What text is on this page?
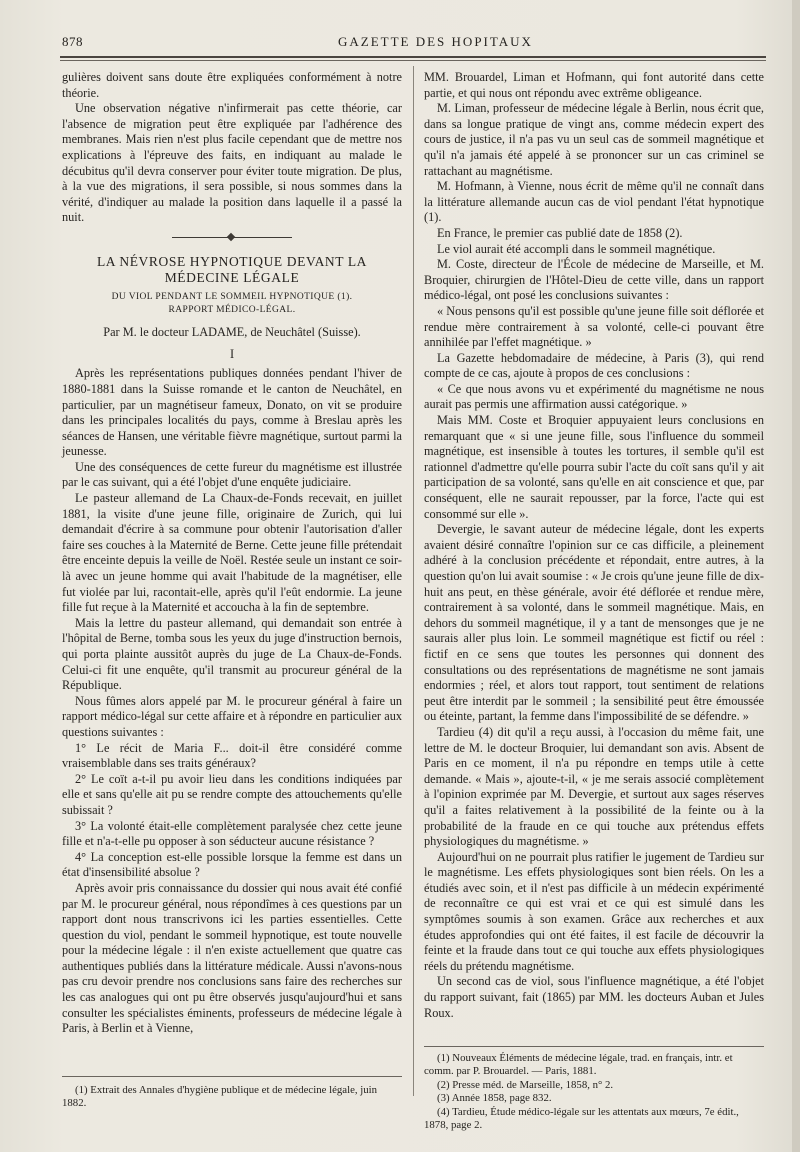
878	GAZETTE DES HOPITAUX

gulières doivent sans doute être expliquées conformément à notre théorie.

Une observation négative n'infirmerait pas cette théorie, car l'absence de migration peut être expliquée par l'adhérence des membranes. Mais rien n'est plus facile cependant que de mettre nos explications à l'épreuve des faits, en indiquant au malade le décubitus qu'il devra conserver pour éviter toute migration. De plus, à la vue des migrations, il sera possible, si nous sommes dans la vérité, d'indiquer au malade la position dans laquelle il a passé la nuit.

LA NÉVROSE HYPNOTIQUE DEVANT LA MÉDECINE LÉGALE
DU VIOL PENDANT LE SOMMEIL HYPNOTIQUE (1).
RAPPORT MÉDICO-LÉGAL.
Par M. le docteur LADAME, de Neuchâtel (Suisse).
I

Après les représentations publiques données pendant l'hiver de 1880-1881 dans la Suisse romande et le canton de Neuchâtel, en particulier, par un magnétiseur fameux, Donato, on vit se produire dans les principales localités du pays, comme à Breslau après les séances de Hansen, une véritable fièvre magnétique, surtout parmi la jeunesse.

Une des conséquences de cette fureur du magnétisme est illustrée par le cas suivant, qui a été l'objet d'une enquête judiciaire.

Le pasteur allemand de La Chaux-de-Fonds recevait, en juillet 1881, la visite d'une jeune fille, originaire de Zurich, qui lui demandait d'écrire à sa commune pour obtenir l'autorisation d'aller faire ses couches à la Maternité de Berne. Cette jeune fille prétendait être enceinte depuis la veille de Noël. Restée seule un instant ce soir-là avec un jeune homme qui avait l'habitude de la magnétiser, elle fut violée par lui, racontait-elle, après qu'il l'eût endormie. La jeune fille fut reçue à la Maternité et accoucha à la fin de septembre.

Mais la lettre du pasteur allemand, qui demandait son entrée à l'hôpital de Berne, tomba sous les yeux du juge d'instruction bernois, qui porta plainte aussitôt auprès du juge de La Chaux-de-Fonds. Celui-ci fit une enquête, qu'il transmit au procureur général de la République.

Nous fûmes alors appelé par M. le procureur général à faire un rapport médico-légal sur cette affaire et à répondre en particulier aux questions suivantes :

1° Le récit de Maria F... doit-il être considéré comme vraisemblable dans ses traits généraux?

2° Le coït a-t-il pu avoir lieu dans les conditions indiquées par elle et sans qu'elle ait pu se rendre compte des attouchements qu'elle subissait ?

3° La volonté était-elle complètement paralysée chez cette jeune fille et n'a-t-elle pu opposer à son séducteur aucune résistance ?

4° La conception est-elle possible lorsque la femme est dans un état d'insensibilité absolue ?

Après avoir pris connaissance du dossier qui nous avait été confié par M. le procureur général, nous répondîmes à ces questions par un rapport dont nous transcrivons ici les parties essentielles. Cette question du viol, pendant le sommeil hypnotique, est toute nouvelle pour la médecine légale : il n'en existe actuellement que quatre cas authentiques publiés dans la littérature médicale. Aussi n'avons-nous pas cru devoir prendre nos conclusions sans faire des recherches sur les cas analogues qui ont pu être observés jusqu'aujourd'hui et sans consulter les spécialistes éminents, professeurs de médecine légale à Paris, à Berlin et à Vienne,

(1) Extrait des Annales d'hygiène publique et de médecine légale, juin 1882.

MM. Brouardel, Liman et Hofmann, qui font autorité dans cette partie, et qui nous ont répondu avec extrême obligeance.

M. Liman, professeur de médecine légale à Berlin, nous écrit que, dans sa longue pratique de vingt ans, comme médecin expert des cours de justice, il n'a pas vu un seul cas de sommeil magnétique et qu'il n'a jamais été appelé à se prononcer sur un cas criminel se rattachant au magnétisme.

M. Hofmann, à Vienne, nous écrit de même qu'il ne connaît dans la littérature allemande aucun cas de viol pendant l'état hypnotique (1).

En France, le premier cas publié date de 1858 (2).

Le viol aurait été accompli dans le sommeil magnétique.

M. Coste, directeur de l'École de médecine de Marseille, et M. Broquier, chirurgien de l'Hôtel-Dieu de cette ville, dans un rapport médico-légal, ont posé les conclusions suivantes :

« Nous pensons qu'il est possible qu'une jeune fille soit déflorée et rendue mère contrairement à sa volonté, celle-ci pouvant être annihilée par l'effet magnétique. »

La Gazette hebdomadaire de médecine, à Paris (3), qui rend compte de ce cas, ajoute à propos de ces conclusions :

« Ce que nous avons vu et expérimenté du magnétisme ne nous aurait pas permis une affirmation aussi catégorique. »

Mais MM. Coste et Broquier appuyaient leurs conclusions en remarquant que « si une jeune fille, sous l'influence du sommeil magnétique, est insensible à toutes les tortures, il semble qu'il est rationnel d'admettre qu'elle pourra subir l'acte du coït sans qu'il y ait participation de sa volonté, sans qu'elle en ait conscience et que, par conséquent, elle ne saurait repousser, par la force, l'acte qui est consommé sur elle ».

Devergie, le savant auteur de médecine légale, dont les experts avaient désiré connaître l'opinion sur ce cas difficile, a pleinement adhéré à la conclusion précédente et répondait, entre autres, à la question qu'on lui avait soumise : « Je crois qu'une jeune fille de dix-huit ans peut, en thèse générale, avoir été déflorée et rendue mère, contrairement à sa volonté, dans le sommeil magnétique. Mais, en dehors du sommeil magnétique, il y a tant de mensonges que je ne saurais aller plus loin. Le sommeil magnétique est fictif ou réel : fictif en ce sens que toutes les personnes qui donnent des consultations ou des représentations de magnétisme ne sont jamais endormies ; réel, et alors tout rapport, tout sentiment de relations peut être interdit par le sommeil ; la sensibilité peut être émoussée ou éteinte, partant, la femme dans l'impossibilité de se défendre. »

Tardieu (4) dit qu'il a reçu aussi, à l'occasion du même fait, une lettre de M. le docteur Broquier, lui demandant son avis. Absent de Paris en ce moment, il n'a pu répondre en temps utile à cette demande. « Mais », ajoute-t-il, « je me serais associé complètement à l'opinion exprimée par M. Devergie, et surtout aux sages réserves qu'il a faites relativement à la possibilité de la feinte ou à la probabilité de la fraude en ce qui touche aux prétendus effets physiologiques du magnétisme. »

Aujourd'hui on ne pourrait plus ratifier le jugement de Tardieu sur le magnétisme. Les effets physiologiques sont bien réels. On les a étudiés avec soin, et il n'est pas difficile à un médecin expérimenté de reconnaître ce qui est vrai et ce qui est simulé dans les symptômes soumis à son examen. Grâce aux recherches et aux études approfondies qui ont été faites, il est facile de découvrir la feinte et la fraude dans tout ce qui touche aux effets physiologiques réels du prétendu magnétisme.

Un second cas de viol, sous l'influence magnétique, a été l'objet du rapport suivant, fait (1865) par MM. les docteurs Auban et Jules Roux.

(1) Nouveaux Éléments de médecine légale, trad. en français, intr. et comm. par P. Brouardel. — Paris, 1881.

(2) Presse méd. de Marseille, 1858, n° 2.

(3) Année 1858, page 832.

(4) Tardieu, Étude médico-légale sur les attentats aux mœurs, 7e édit., 1878, page 2.
